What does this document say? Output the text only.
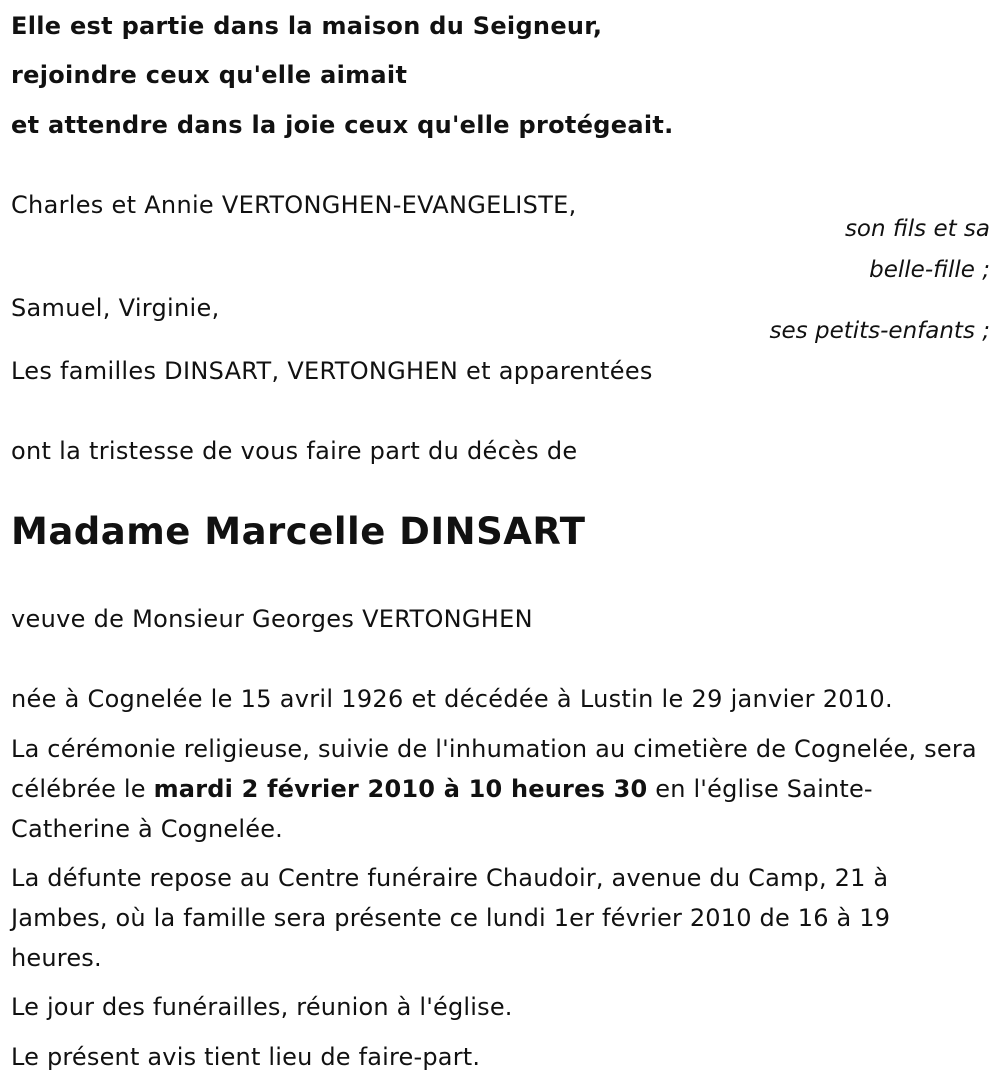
Elle est partie dans la maison du Seigneur,
rejoindre ceux qu'elle aimait
et attendre dans la joie ceux qu'elle protégeait.
Charles et Annie VERTONGHEN-EVANGELISTE,
son fils et sa
belle-fille ;
Samuel, Virginie,
ses petits-enfants ;
Les familles DINSART, VERTONGHEN et apparentées
ont la tristesse de vous faire part du décès de
Madame Marcelle DINSART
veuve de Monsieur Georges VERTONGHEN
née à Cognelée le 15 avril 1926 et décédée à Lustin le 29 janvier 2010.
La cérémonie religieuse, suivie de l'inhumation au cimetière de Cognelée, sera célébrée le mardi 2 février 2010 à 10 heures 30 en l'église Sainte-Catherine à Cognelée.
La défunte repose au Centre funéraire Chaudoir, avenue du Camp, 21 à Jambes, où la famille sera présente ce lundi 1er février 2010 de 16 à 19 heures.
Le jour des funérailles, réunion à l'église.
Le présent avis tient lieu de faire-part.
